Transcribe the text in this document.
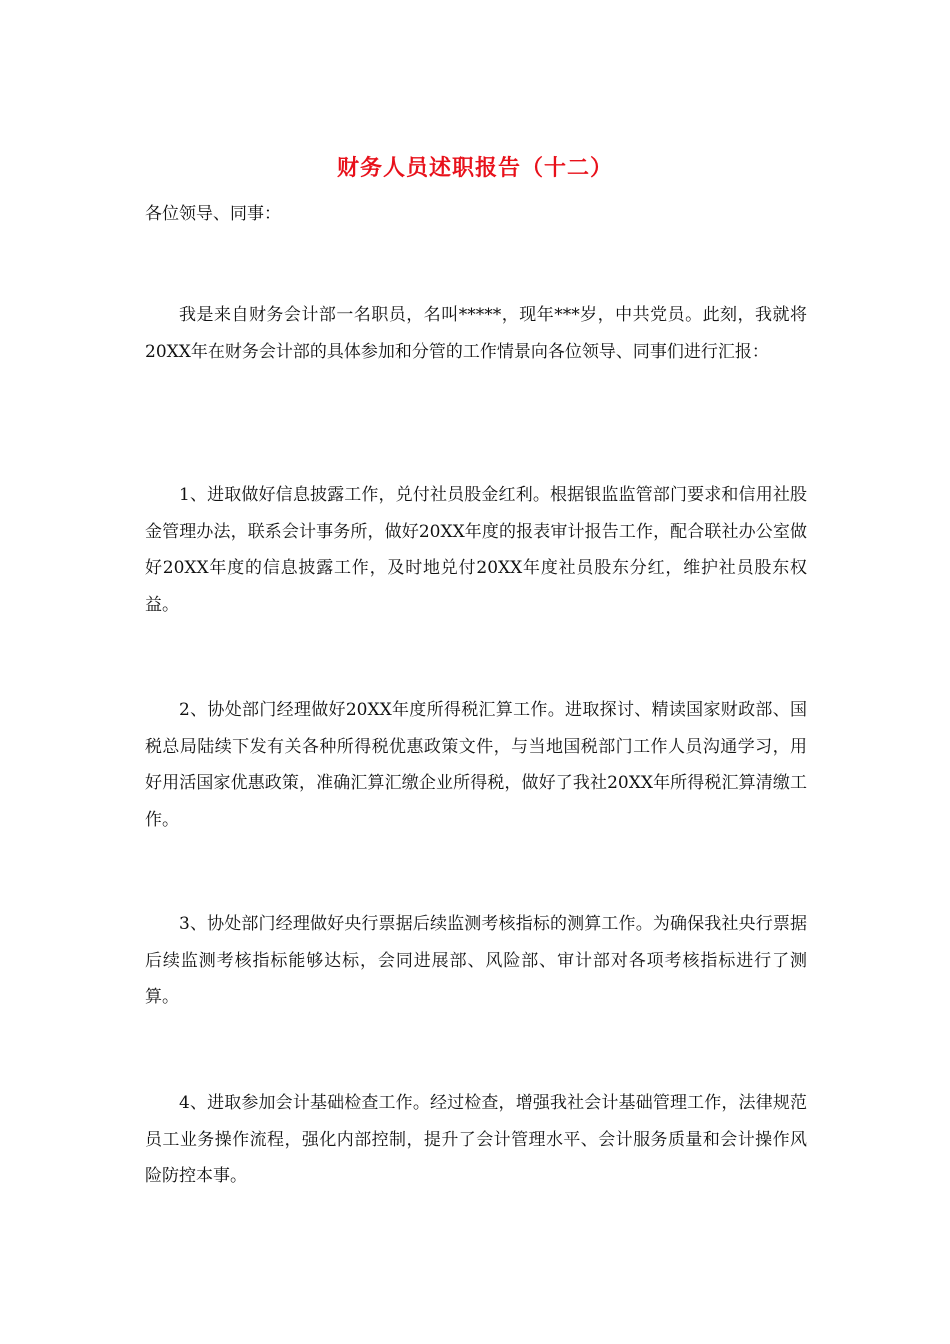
财务人员述职报告（十二）

各位领导、同事：

我是来自财务会计部一名职员，名叫*****，现年***岁，中共党员。此刻，我就将20XX年在财务会计部的具体参加和分管的工作情景向各位领导、同事们进行汇报：

1、进取做好信息披露工作，兑付社员股金红利。根据银监监管部门要求和信用社股金管理办法，联系会计事务所，做好20XX年度的报表审计报告工作，配合联社办公室做好20XX年度的信息披露工作，及时地兑付20XX年度社员股东分红，维护社员股东权益。

2、协处部门经理做好20XX年度所得税汇算工作。进取探讨、精读国家财政部、国税总局陆续下发有关各种所得税优惠政策文件，与当地国税部门工作人员沟通学习，用好用活国家优惠政策，准确汇算汇缴企业所得税，做好了我社20XX年所得税汇算清缴工作。

3、协处部门经理做好央行票据后续监测考核指标的测算工作。为确保我社央行票据后续监测考核指标能够达标，会同进展部、风险部、审计部对各项考核指标进行了测算。

4、进取参加会计基础检查工作。经过检查，增强我社会计基础管理工作，法律规范员工业务操作流程，强化内部控制，提升了会计管理水平、会计服务质量和会计操作风险防控本事。
